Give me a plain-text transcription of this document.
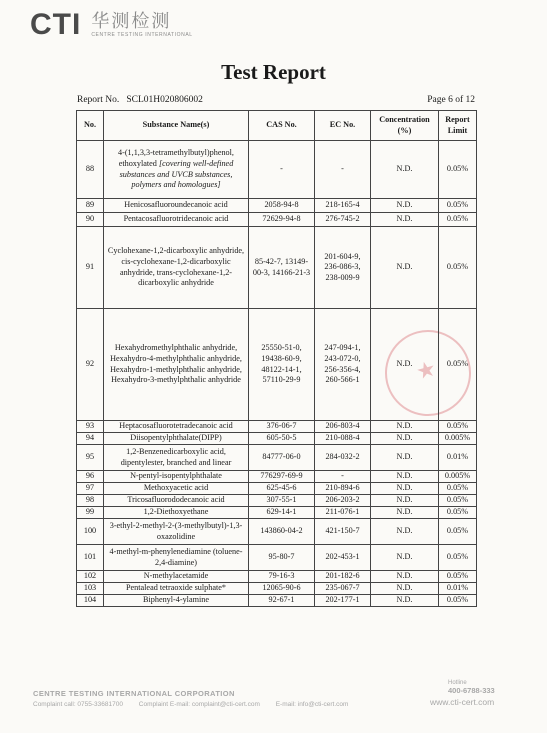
CTI 华测检测
CENTRE TESTING INTERNATIONAL
Test Report
Report No. SCL01H020806002	Page 6 of 12
★
No.	Substance Name(s)	CAS No.	EC No.	Concentration (%)	Report Limit
88	4-(1,1,3,3-tetramethylbutyl)phenol, ethoxylated [covering well-defined substances and UVCB substances, polymers and homologues]	-	-	N.D.	0.05%
89	Henicosafluoroundecanoic acid	2058-94-8	218-165-4	N.D.	0.05%
90	Pentacosafluorotridecanoic acid	72629-94-8	276-745-2	N.D.	0.05%
91	Cyclohexane-1,2-dicarboxylic anhydride, cis-cyclohexane-1,2-dicarboxylic anhydride, trans-cyclohexane-1,2-dicarboxylic anhydride	85-42-7, 13149-00-3, 14166-21-3	201-604-9, 236-086-3, 238-009-9	N.D.	0.05%
92	Hexahydromethylphthalic anhydride, Hexahydro-4-methylphthalic anhydride, Hexahydro-1-methylphthalic anhydride, Hexahydro-3-methylphthalic anhydride	25550-51-0, 19438-60-9, 48122-14-1, 57110-29-9	247-094-1, 243-072-0, 256-356-4, 260-566-1	N.D.	0.05%
93	Heptacosafluorotetradecanoic acid	376-06-7	206-803-4	N.D.	0.05%
94	Diisopentylphthalate(DIPP)	605-50-5	210-088-4	N.D.	0.005%
95	1,2-Benzenedicarboxylic acid, dipentylester, branched and linear	84777-06-0	284-032-2	N.D.	0.01%
96	N-pentyl-isopentylphthalate	776297-69-9	-	N.D.	0.005%
97	Methoxyacetic acid	625-45-6	210-894-6	N.D.	0.05%
98	Tricosafluorododecanoic acid	307-55-1	206-203-2	N.D.	0.05%
99	1,2-Diethoxyethane	629-14-1	211-076-1	N.D.	0.05%
100	3-ethyl-2-methyl-2-(3-methylbutyl)-1,3-oxazolidine	143860-04-2	421-150-7	N.D.	0.05%
101	4-methyl-m-phenylenediamine (toluene-2,4-diamine)	95-80-7	202-453-1	N.D.	0.05%
102	N-methylacetamide	79-16-3	201-182-6	N.D.	0.05%
103	Pentalead tetraoxide sulphate*	12065-90-6	235-067-7	N.D.	0.01%
104	Biphenyl-4-ylamine	92-67-1	202-177-1	N.D.	0.05%
CENTRE TESTING INTERNATIONAL CORPORATION
Complaint call: 0755-33681700 Complaint E-mail: complaint@cti-cert.com E-mail: info@cti-cert.com
Hotline
400-6788-333
www.cti-cert.com
